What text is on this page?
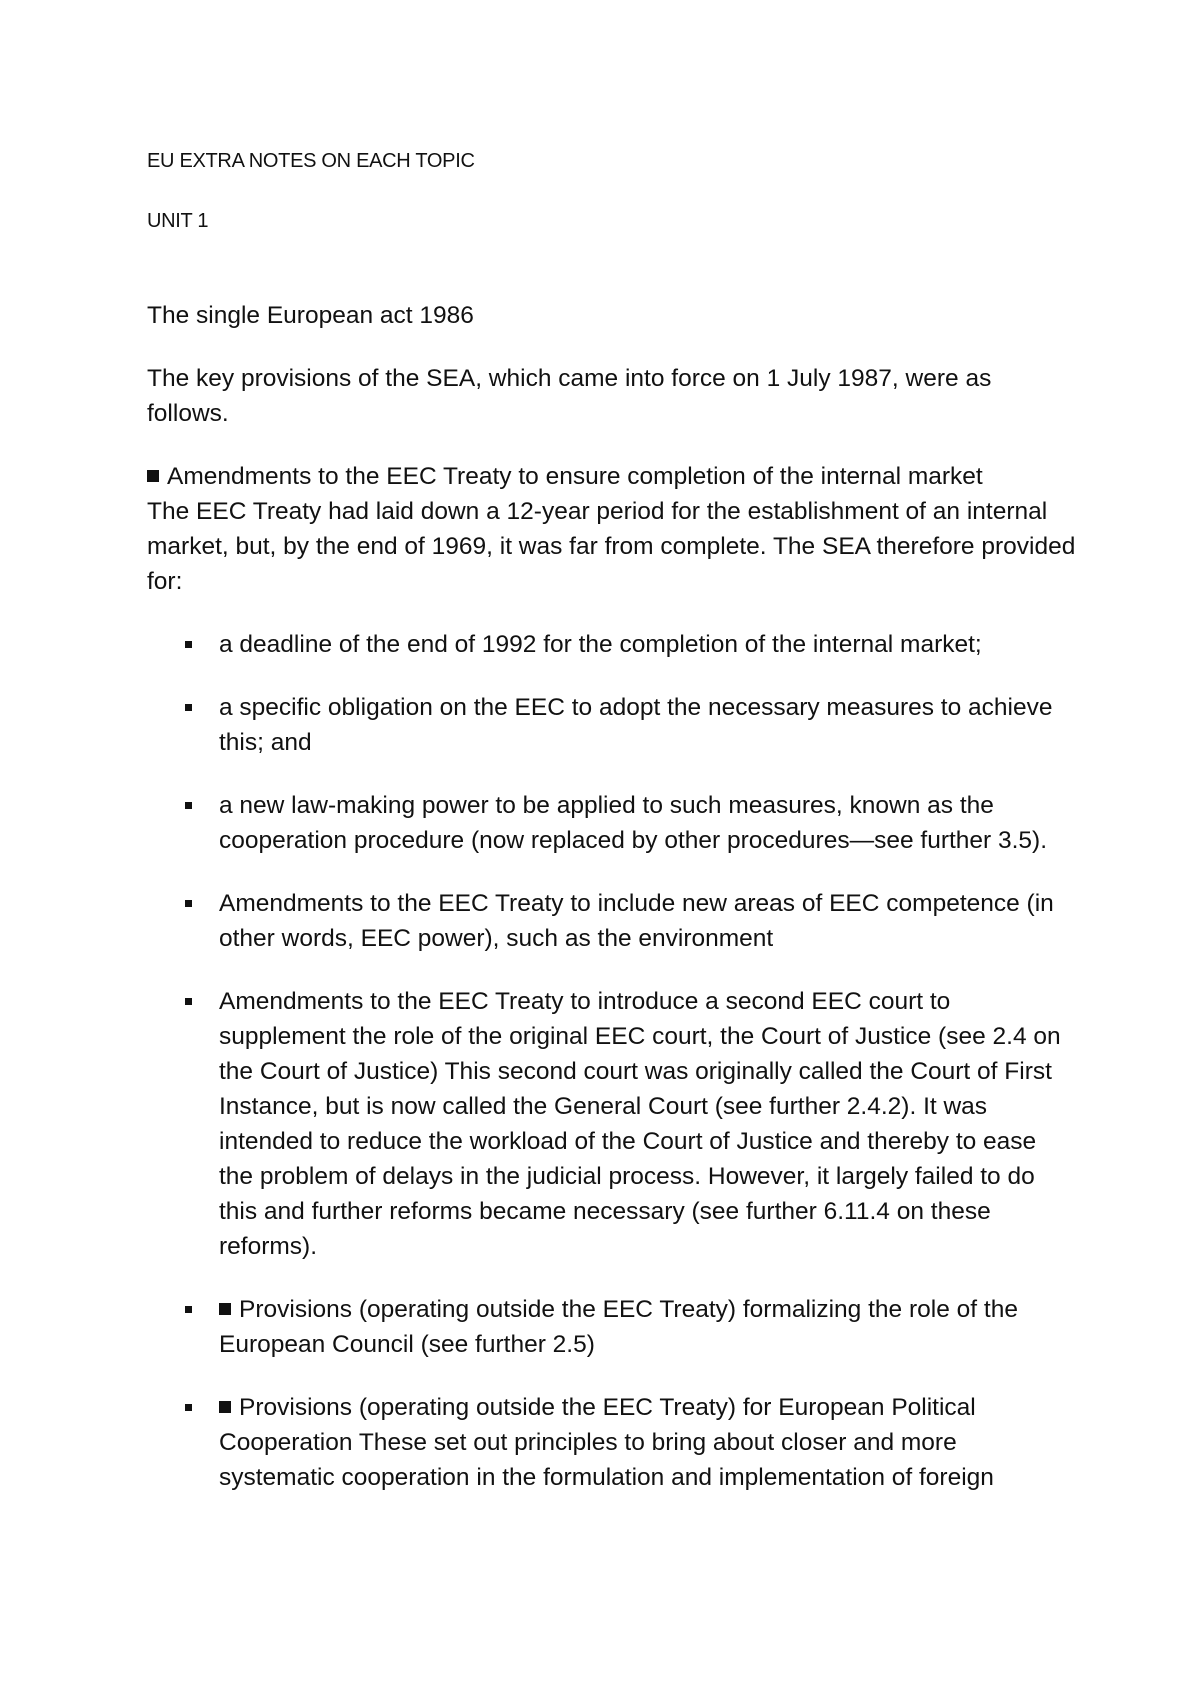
EU EXTRA NOTES ON EACH TOPIC
UNIT 1

The single European act 1986

The key provisions of the SEA, which came into force on 1 July 1987, were as follows.

Amendments to the EEC Treaty to ensure completion of the internal market
The EEC Treaty had laid down a 12-year period for the establishment of an internal market, but, by the end of 1969, it was far from complete. The SEA therefore provided for:

a deadline of the end of 1992 for the completion of the internal market;
a specific obligation on the EEC to adopt the necessary measures to achieve this; and
a new law-making power to be applied to such measures, known as the cooperation procedure (now replaced by other procedures—see further 3.5).
Amendments to the EEC Treaty to include new areas of EEC competence (in other words, EEC power), such as the environment
Amendments to the EEC Treaty to introduce a second EEC court to supplement the role of the original EEC court, the Court of Justice (see 2.4 on the Court of Justice) This second court was originally called the Court of First Instance, but is now called the General Court (see further 2.4.2). It was intended to reduce the workload of the Court of Justice and thereby to ease the problem of delays in the judicial process. However, it largely failed to do this and further reforms became necessary (see further 6.11.4 on these reforms).
Provisions (operating outside the EEC Treaty) formalizing the role of the European Council (see further 2.5)
Provisions (operating outside the EEC Treaty) for European Political Cooperation These set out principles to bring about closer and more systematic cooperation in the formulation and implementation of foreign
